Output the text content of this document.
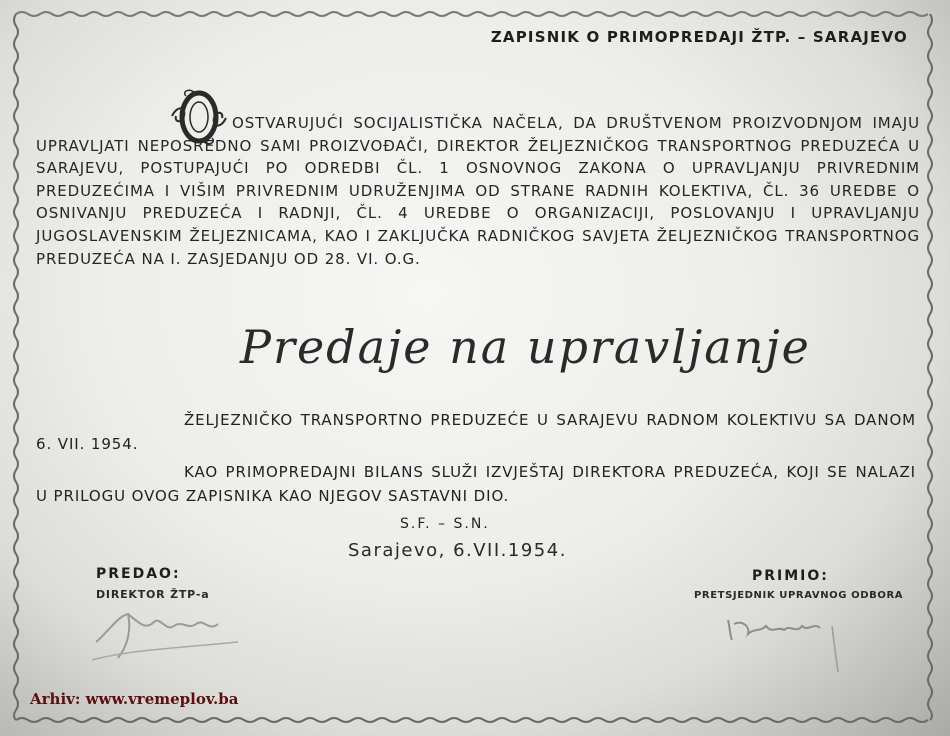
ZAPISNIK O PRIMOPREDAJI ŽTP. – SARAJEVO
OSTVARUJUĆI SOCIJALISTIČKA NAČELA, DA DRUŠTVENOM PROIZVODNJOM IMAJU UPRAVLJATI NEPOSREDNO SAMI PROIZVOĐAČI, DIREKTOR ŽELJEZNIČKOG TRANSPORTNOG PREDUZEĆA U SARAJEVU, POSTUPAJUĆI PO ODREDBI ČL. 1 OSNOVNOG ZAKONA O UPRAVLJANJU PRIVREDNIM PREDUZEĆIMA I VIŠIM PRIVREDNIM UDRUŽENJIMA OD STRANE RADNIH KOLEKTIVA, ČL. 36 UREDBE O OSNIVANJU PREDUZEĆA I RADNJI, ČL. 4 UREDBE O ORGANIZACIJI, POSLOVANJU I UPRAVLJANJU JUGOSLAVENSKIM ŽELJEZNICAMA, KAO I ZAKLJUČKA RADNIČKOG SAVJETA ŽELJEZNIČKOG TRANSPORTNOG PREDUZEĆA NA I. ZASJEDANJU OD 28. VI. O.G.
Predaje na upravljanje

ŽELJEZNIČKO TRANSPORTNO PREDUZEĆE U SARAJEVU RADNOM KOLEKTIVU SA DANOM 6. VII. 1954.

KAO PRIMOPREDAJNI BILANS SLUŽI IZVJEŠTAJ DIREKTORA PREDUZEĆA, KOJI SE NALAZI U PRILOGU OVOG ZAPISNIKA KAO NJEGOV SASTAVNI DIO.

S.F. – S.N.
Sarajevo, 6.VII.1954.
PREDAO:
DIREKTOR ŽTP-a
PRIMIO:
PRETSJEDNIK UPRAVNOG ODBORA
Arhiv: www.vremeplov.ba
